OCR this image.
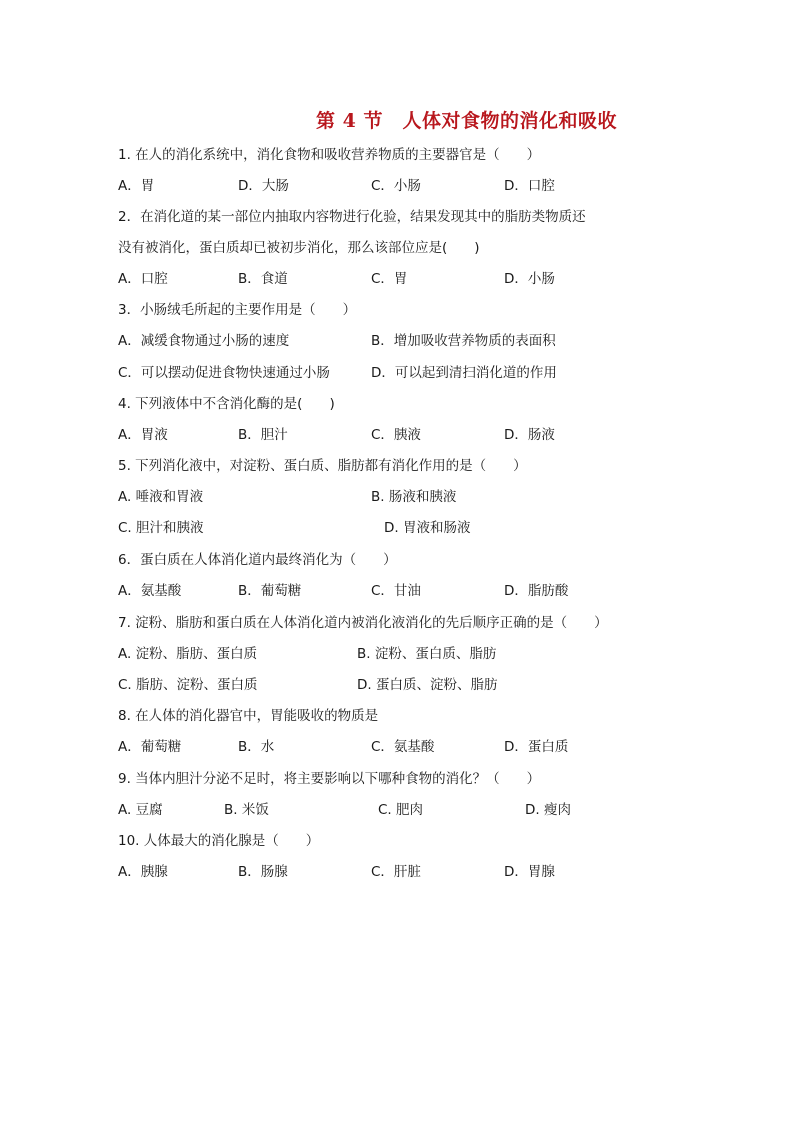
第 4 节　人体对食物的消化和吸收
1. 在人的消化系统中，消化食物和吸收营养物质的主要器官是（　　）
A．胃	D．大肠	C．小肠	D．口腔
2．在消化道的某一部位内抽取内容物进行化验，结果发现其中的脂肪类物质还
没有被消化，蛋白质却已被初步消化，那么该部位应是(　　)
A．口腔	B．食道	C．胃	D．小肠
3．小肠绒毛所起的主要作用是（　　）
A．减缓食物通过小肠的速度	B．增加吸收营养物质的表面积
C．可以摆动促进食物快速通过小肠	D．可以起到清扫消化道的作用
4. 下列液体中不含消化酶的是(　　)
A．胃液	B．胆汁	C．胰液	D．肠液
5. 下列消化液中，对淀粉、蛋白质、脂肪都有消化作用的是（　　）
A. 唾液和胃液	B. 肠液和胰液
C. 胆汁和胰液	D. 胃液和肠液
6．蛋白质在人体消化道内最终消化为（　　）
A．氨基酸	B．葡萄糖	C．甘油	D．脂肪酸
7. 淀粉、脂肪和蛋白质在人体消化道内被消化液消化的先后顺序正确的是（　　）
A. 淀粉、脂肪、蛋白质	B. 淀粉、蛋白质、脂肪
C. 脂肪、淀粉、蛋白质	D. 蛋白质、淀粉、脂肪
8. 在人体的消化器官中，胃能吸收的物质是
A．葡萄糖	B．水	C．氨基酸	D．蛋白质
9. 当体内胆汁分泌不足时，将主要影响以下哪种食物的消化？（　　）
A. 豆腐	B. 米饭	C. 肥肉	D. 瘦肉
10. 人体最大的消化腺是（　　）
A．胰腺	B．肠腺	C．肝脏	D．胃腺
